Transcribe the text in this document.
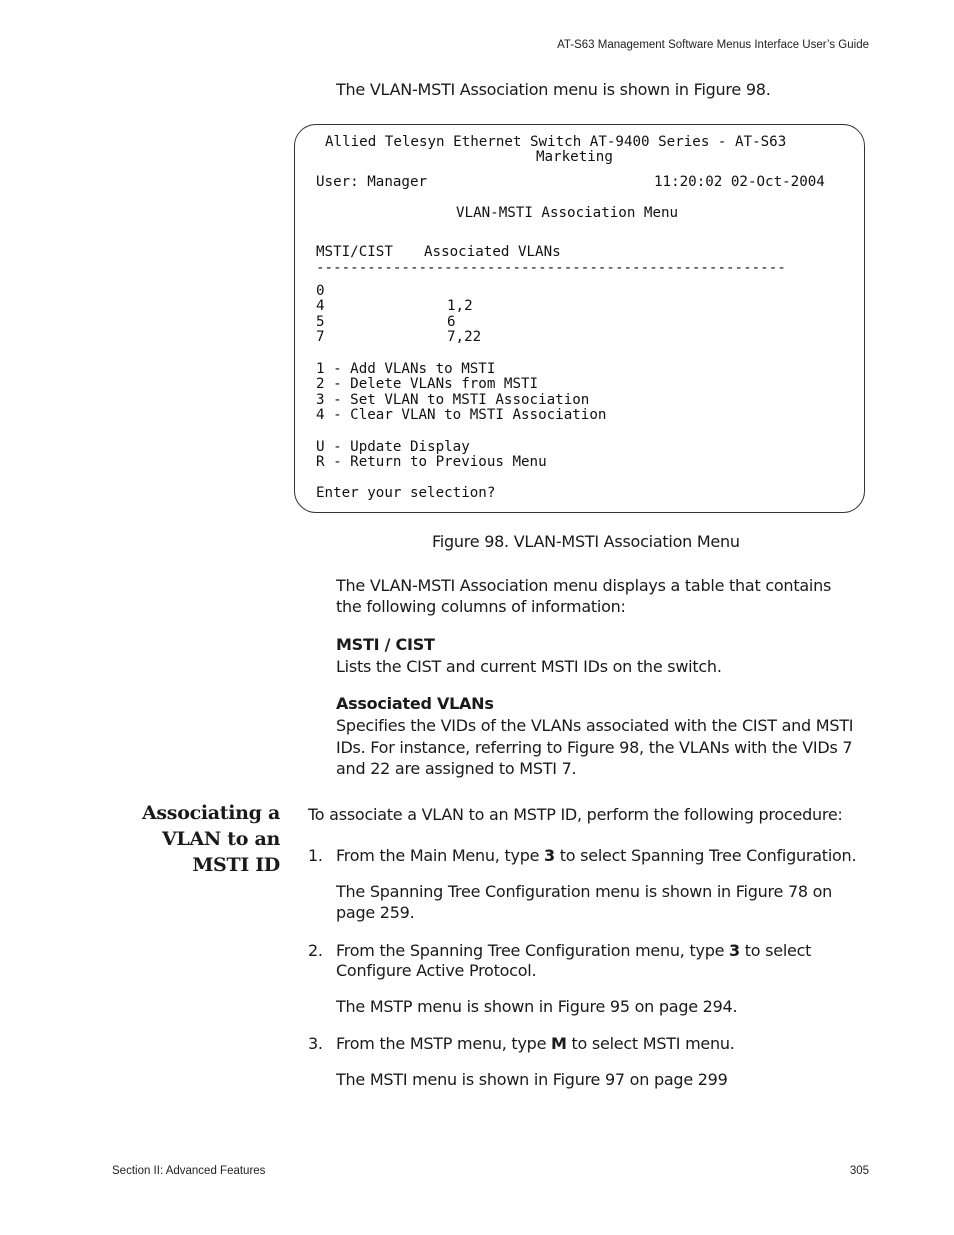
AT-S63 Management Software Menus Interface User’s Guide
The VLAN-MSTI Association menu is shown in Figure 98.
Allied Telesyn Ethernet Switch AT-9400 Series - AT-S63
Marketing
User: Manager	11:20:02 02-Oct-2004
VLAN-MSTI Association Menu
MSTI/CIST Associated VLANs
-------------------------------------------------------
0
4	1,2
5	6
7	7,22
1 - Add VLANs to MSTI
2 - Delete VLANs from MSTI
3 - Set VLAN to MSTI Association
4 - Clear VLAN to MSTI Association
U - Update Display
R - Return to Previous Menu
Enter your selection?
Figure 98. VLAN-MSTI Association Menu
The VLAN-MSTI Association menu displays a table that contains
the following columns of information:
MSTI / CIST
Lists the CIST and current MSTI IDs on the switch.
Associated VLANs
Specifies the VIDs of the VLANs associated with the CIST and MSTI
IDs. For instance, referring to Figure 98, the VLANs with the VIDs 7
and 22 are assigned to MSTI 7.
Associating a
VLAN to an
MSTI ID
To associate a VLAN to an MSTP ID, perform the following procedure:
1. From the Main Menu, type 3 to select Spanning Tree Configuration.
The Spanning Tree Configuration menu is shown in Figure 78 on
page 259.
2. From the Spanning Tree Configuration menu, type 3 to select
Configure Active Protocol.
The MSTP menu is shown in Figure 95 on page 294.
3. From the MSTP menu, type M to select MSTI menu.
The MSTI menu is shown in Figure 97 on page 299
Section II: Advanced Features	305
